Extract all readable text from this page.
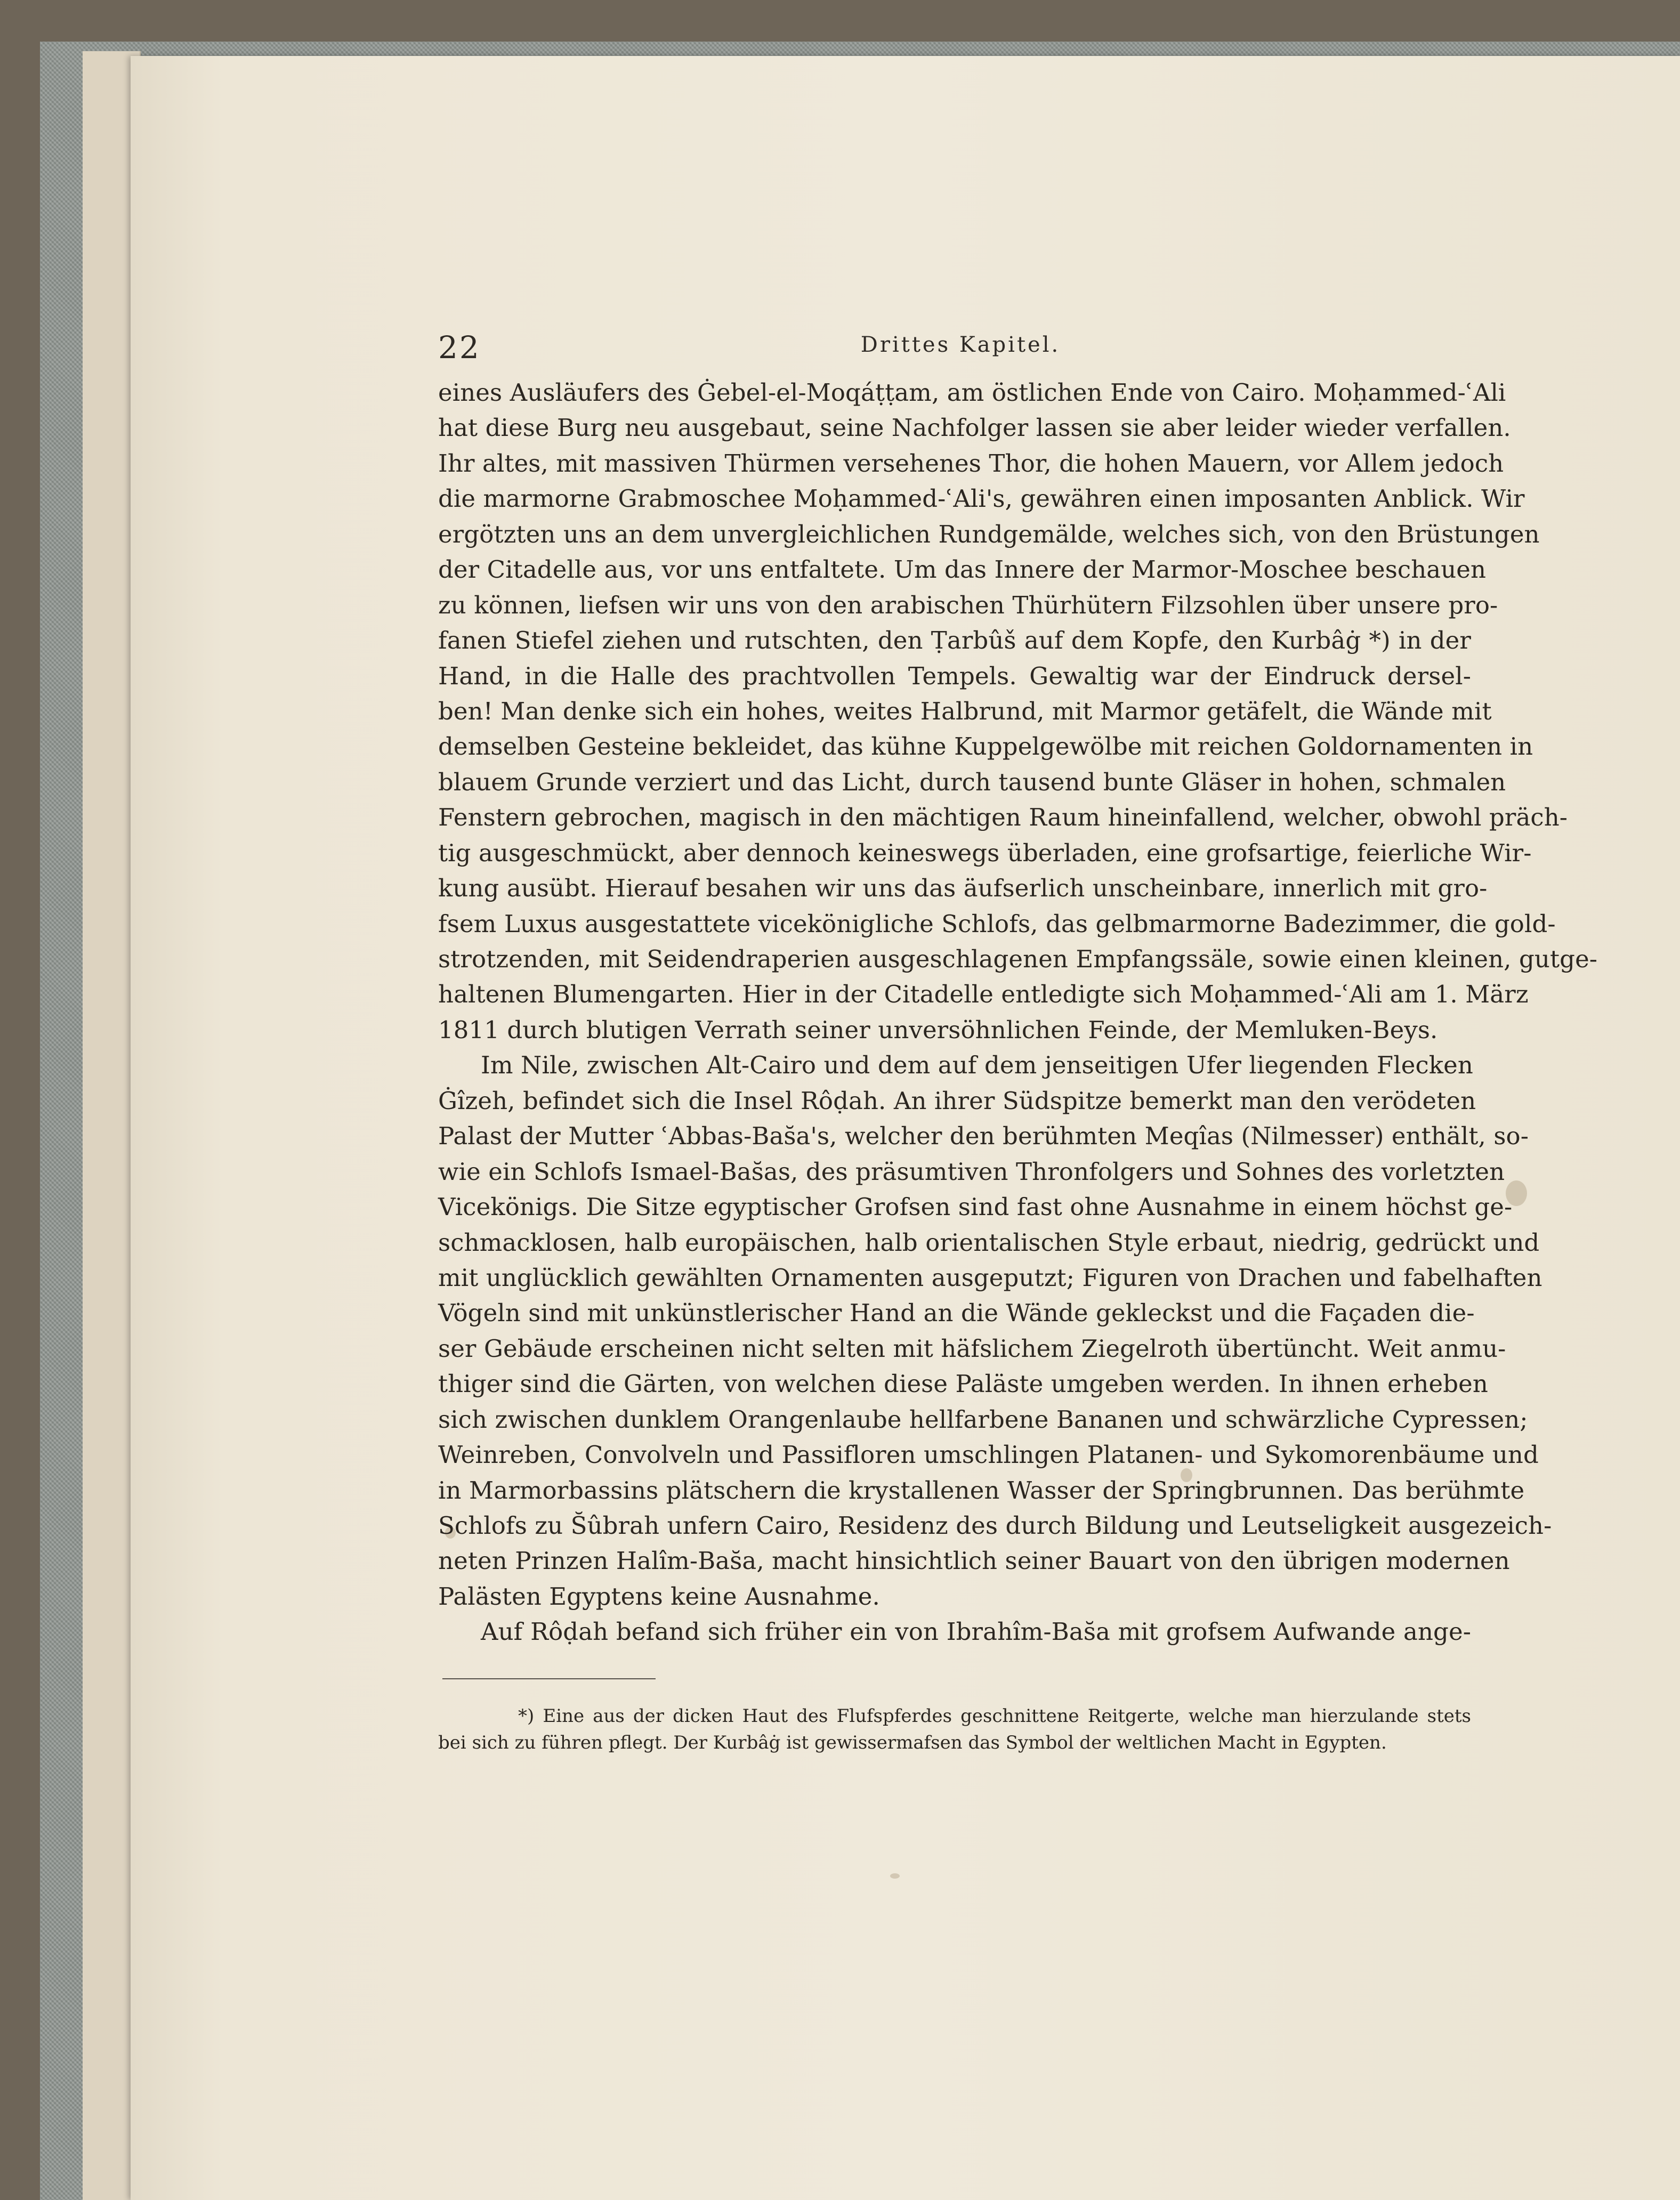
22	Drittes Kapitel.
eines Ausläufers des Ġebel-el-Moqáṭṭam, am östlichen Ende von Cairo. Moḥammed-ʿAli
hat diese Burg neu ausgebaut, seine Nachfolger lassen sie aber leider wieder verfallen.
Ihr altes, mit massiven Thürmen versehenes Thor, die hohen Mauern, vor Allem jedoch
die marmorne Grabmoschee Moḥammed-ʿAli's, gewähren einen imposanten Anblick. Wir
ergötzten uns an dem unvergleichlichen Rundgemälde, welches sich, von den Brüstungen
der Citadelle aus, vor uns entfaltete. Um das Innere der Marmor-Moschee beschauen
zu können, liefsen wir uns von den arabischen Thürhütern Filzsohlen über unsere pro-
fanen Stiefel ziehen und rutschten, den Ṭarbûš auf dem Kopfe, den Kurbâġ *) in der
Hand, in die Halle des prachtvollen Tempels. Gewaltig war der Eindruck dersel-
ben! Man denke sich ein hohes, weites Halbrund, mit Marmor getäfelt, die Wände mit
demselben Gesteine bekleidet, das kühne Kuppelgewölbe mit reichen Goldornamenten in
blauem Grunde verziert und das Licht, durch tausend bunte Gläser in hohen, schmalen
Fenstern gebrochen, magisch in den mächtigen Raum hineinfallend, welcher, obwohl präch-
tig ausgeschmückt, aber dennoch keineswegs überladen, eine grofsartige, feierliche Wir-
kung ausübt. Hierauf besahen wir uns das äufserlich unscheinbare, innerlich mit gro-
fsem Luxus ausgestattete vicekönigliche Schlofs, das gelbmarmorne Badezimmer, die gold-
strotzenden, mit Seidendraperien ausgeschlagenen Empfangssäle, sowie einen kleinen, gutge-
haltenen Blumengarten. Hier in der Citadelle entledigte sich Moḥammed-ʿAli am 1. März
1811 durch blutigen Verrath seiner unversöhnlichen Feinde, der Memluken-Beys.
Im Nile, zwischen Alt-Cairo und dem auf dem jenseitigen Ufer liegenden Flecken
Ġîzeh, befindet sich die Insel Rôḍah. An ihrer Südspitze bemerkt man den verödeten
Palast der Mutter ʿAbbas-Bas̆a's, welcher den berühmten Meqîas (Nilmesser) enthält, so-
wie ein Schlofs Ismael-Bas̆as, des präsumtiven Thronfolgers und Sohnes des vorletzten
Vicekönigs. Die Sitze egyptischer Grofsen sind fast ohne Ausnahme in einem höchst ge-
schmacklosen, halb europäischen, halb orientalischen Style erbaut, niedrig, gedrückt und
mit unglücklich gewählten Ornamenten ausgeputzt; Figuren von Drachen und fabelhaften
Vögeln sind mit unkünstlerischer Hand an die Wände gekleckst und die Façaden die-
ser Gebäude erscheinen nicht selten mit häfslichem Ziegelroth übertüncht. Weit anmu-
thiger sind die Gärten, von welchen diese Paläste umgeben werden. In ihnen erheben
sich zwischen dunklem Orangenlaube hellfarbene Bananen und schwärzliche Cypressen;
Weinreben, Convolveln und Passifloren umschlingen Platanen- und Sykomorenbäume und
in Marmorbassins plätschern die krystallenen Wasser der Springbrunnen. Das berühmte
Schlofs zu S̆ûbrah unfern Cairo, Residenz des durch Bildung und Leutseligkeit ausgezeich-
neten Prinzen Halîm-Bas̆a, macht hinsichtlich seiner Bauart von den übrigen modernen
Palästen Egyptens keine Ausnahme.
Auf Rôḍah befand sich früher ein von Ibrahîm-Bas̆a mit grofsem Aufwande ange-
*) Eine aus der dicken Haut des Flufspferdes geschnittene Reitgerte, welche man hierzulande stets
bei sich zu führen pflegt. Der Kurbâġ ist gewissermafsen das Symbol der weltlichen Macht in Egypten.
